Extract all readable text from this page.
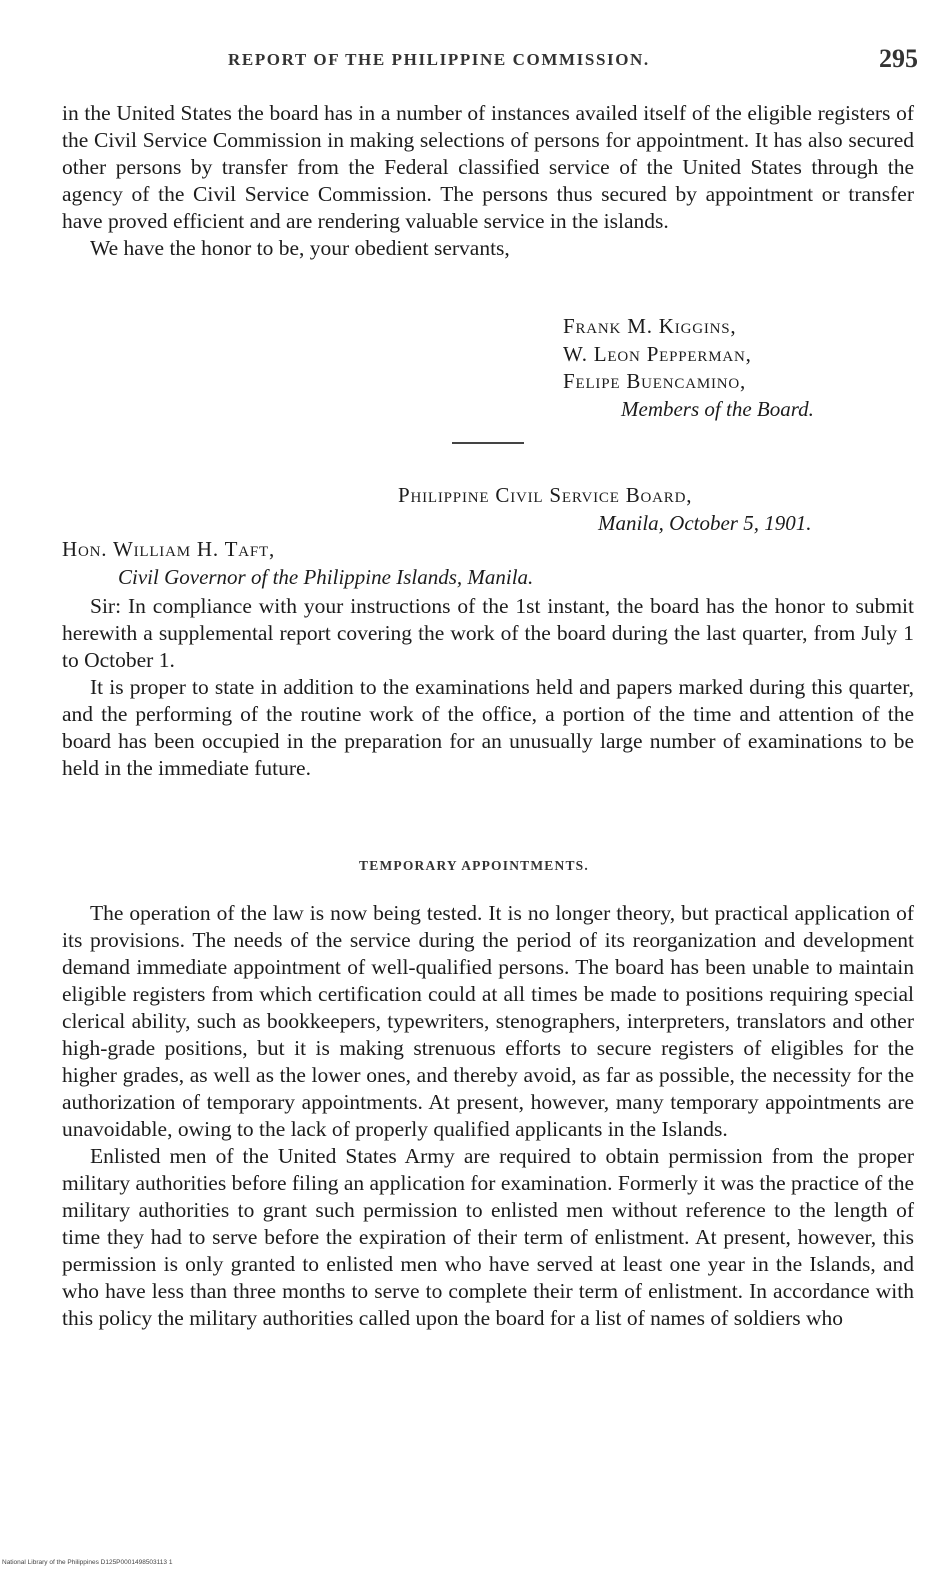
REPORT OF THE PHILIPPINE COMMISSION.	295

in the United States the board has in a number of instances availed itself of the eligible registers of the Civil Service Commission in making selections of persons for appointment. It has also secured other persons by transfer from the Federal classified service of the United States through the agency of the Civil Service Commission. The persons thus secured by appointment or transfer have proved efficient and are rendering valuable service in the islands.

We have the honor to be, your obedient servants,

Frank M. Kiggins,
W. Leon Pepperman,
Felipe Buencamino,
Members of the Board.
Philippine Civil Service Board,
Manila, October 5, 1901.
Hon. William H. Taft,
Civil Governor of the Philippine Islands, Manila.

Sir: In compliance with your instructions of the 1st instant, the board has the honor to submit herewith a supplemental report covering the work of the board during the last quarter, from July 1 to October 1.

It is proper to state in addition to the examinations held and papers marked during this quarter, and the performing of the routine work of the office, a portion of the time and attention of the board has been occupied in the preparation for an unusually large number of examinations to be held in the immediate future.

TEMPORARY APPOINTMENTS.

The operation of the law is now being tested. It is no longer theory, but practical application of its provisions. The needs of the service during the period of its reorganization and development demand immediate appointment of well-qualified persons. The board has been unable to maintain eligible registers from which certification could at all times be made to positions requiring special clerical ability, such as bookkeepers, typewriters, stenographers, interpreters, translators and other high-grade positions, but it is making strenuous efforts to secure registers of eligibles for the higher grades, as well as the lower ones, and thereby avoid, as far as possible, the necessity for the authorization of temporary appointments. At present, however, many temporary appointments are unavoidable, owing to the lack of properly qualified applicants in the Islands.

Enlisted men of the United States Army are required to obtain permission from the proper military authorities before filing an application for examination. Formerly it was the practice of the military authorities to grant such permission to enlisted men without reference to the length of time they had to serve before the expiration of their term of enlistment. At present, however, this permission is only granted to enlisted men who have served at least one year in the Islands, and who have less than three months to serve to complete their term of enlistment. In accordance with this policy the military authorities called upon the board for a list of names of soldiers who

National Library of the Philippines D125P0001498503113 1
